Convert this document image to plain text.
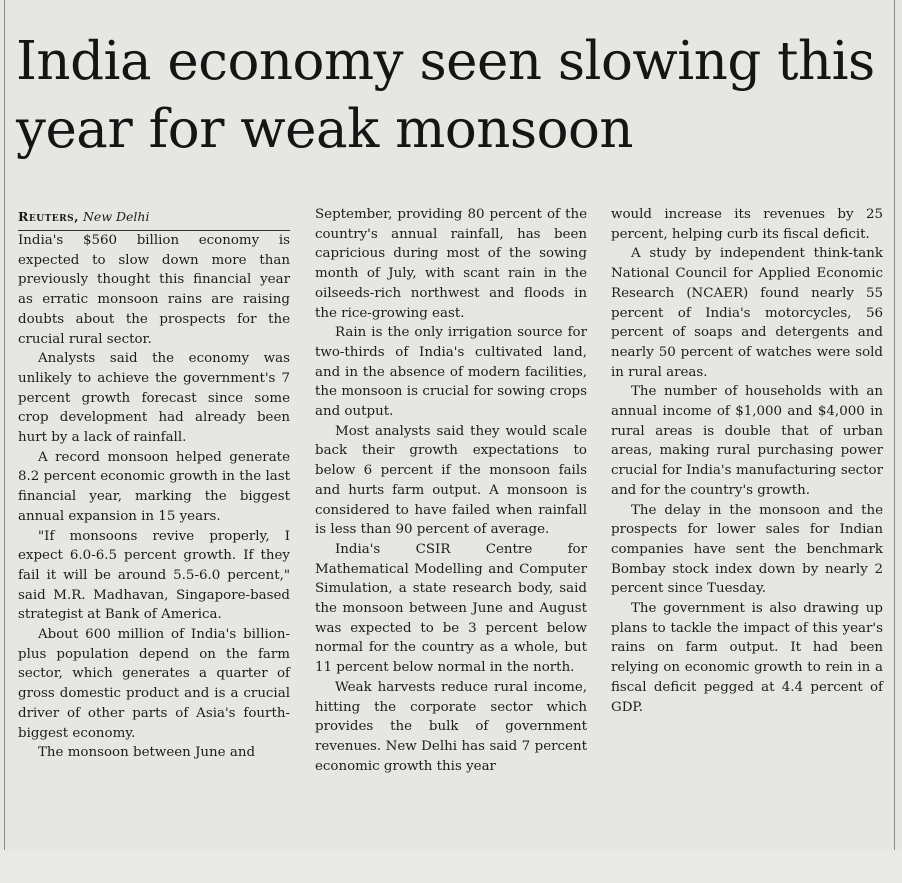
India economy seen slowing this year for weak monsoon

Reuters, New Delhi

India's $560 billion economy is expected to slow down more than previously thought this financial year as erratic monsoon rains are raising doubts about the prospects for the crucial rural sector.

Analysts said the economy was unlikely to achieve the government's 7 percent growth forecast since some crop development had already been hurt by a lack of rainfall.

A record monsoon helped generate 8.2 percent economic growth in the last financial year, marking the biggest annual expansion in 15 years.

"If monsoons revive properly, I expect 6.0-6.5 percent growth. If they fail it will be around 5.5-6.0 percent," said M.R. Madhavan, Singapore-based strategist at Bank of America.

About 600 million of India's billion-plus population depend on the farm sector, which generates a quarter of gross domestic product and is a crucial driver of other parts of Asia's fourth-biggest economy.

The monsoon between June and

September, providing 80 percent of the country's annual rainfall, has been capricious during most of the sowing month of July, with scant rain in the oilseeds-rich northwest and floods in the rice-growing east.

Rain is the only irrigation source for two-thirds of India's cultivated land, and in the absence of modern facilities, the monsoon is crucial for sowing crops and output.

Most analysts said they would scale back their growth expectations to below 6 percent if the monsoon fails and hurts farm output. A monsoon is considered to have failed when rainfall is less than 90 percent of average.

India's CSIR Centre for Mathematical Modelling and Computer Simulation, a state research body, said the monsoon between June and August was expected to be 3 percent below normal for the country as a whole, but 11 percent below normal in the north.

Weak harvests reduce rural income, hitting the corporate sector which provides the bulk of government revenues. New Delhi has said 7 percent economic growth this year

would increase its revenues by 25 percent, helping curb its fiscal deficit.

A study by independent think-tank National Council for Applied Economic Research (NCAER) found nearly 55 percent of India's motorcycles, 56 percent of soaps and detergents and nearly 50 percent of watches were sold in rural areas.

The number of households with an annual income of $1,000 and $4,000 in rural areas is double that of urban areas, making rural purchasing power crucial for India's manufacturing sector and for the country's growth.

The delay in the monsoon and the prospects for lower sales for Indian companies have sent the benchmark Bombay stock index down by nearly 2 percent since Tuesday.

The government is also drawing up plans to tackle the impact of this year's rains on farm output. It had been relying on economic growth to rein in a fiscal deficit pegged at 4.4 percent of GDP.
